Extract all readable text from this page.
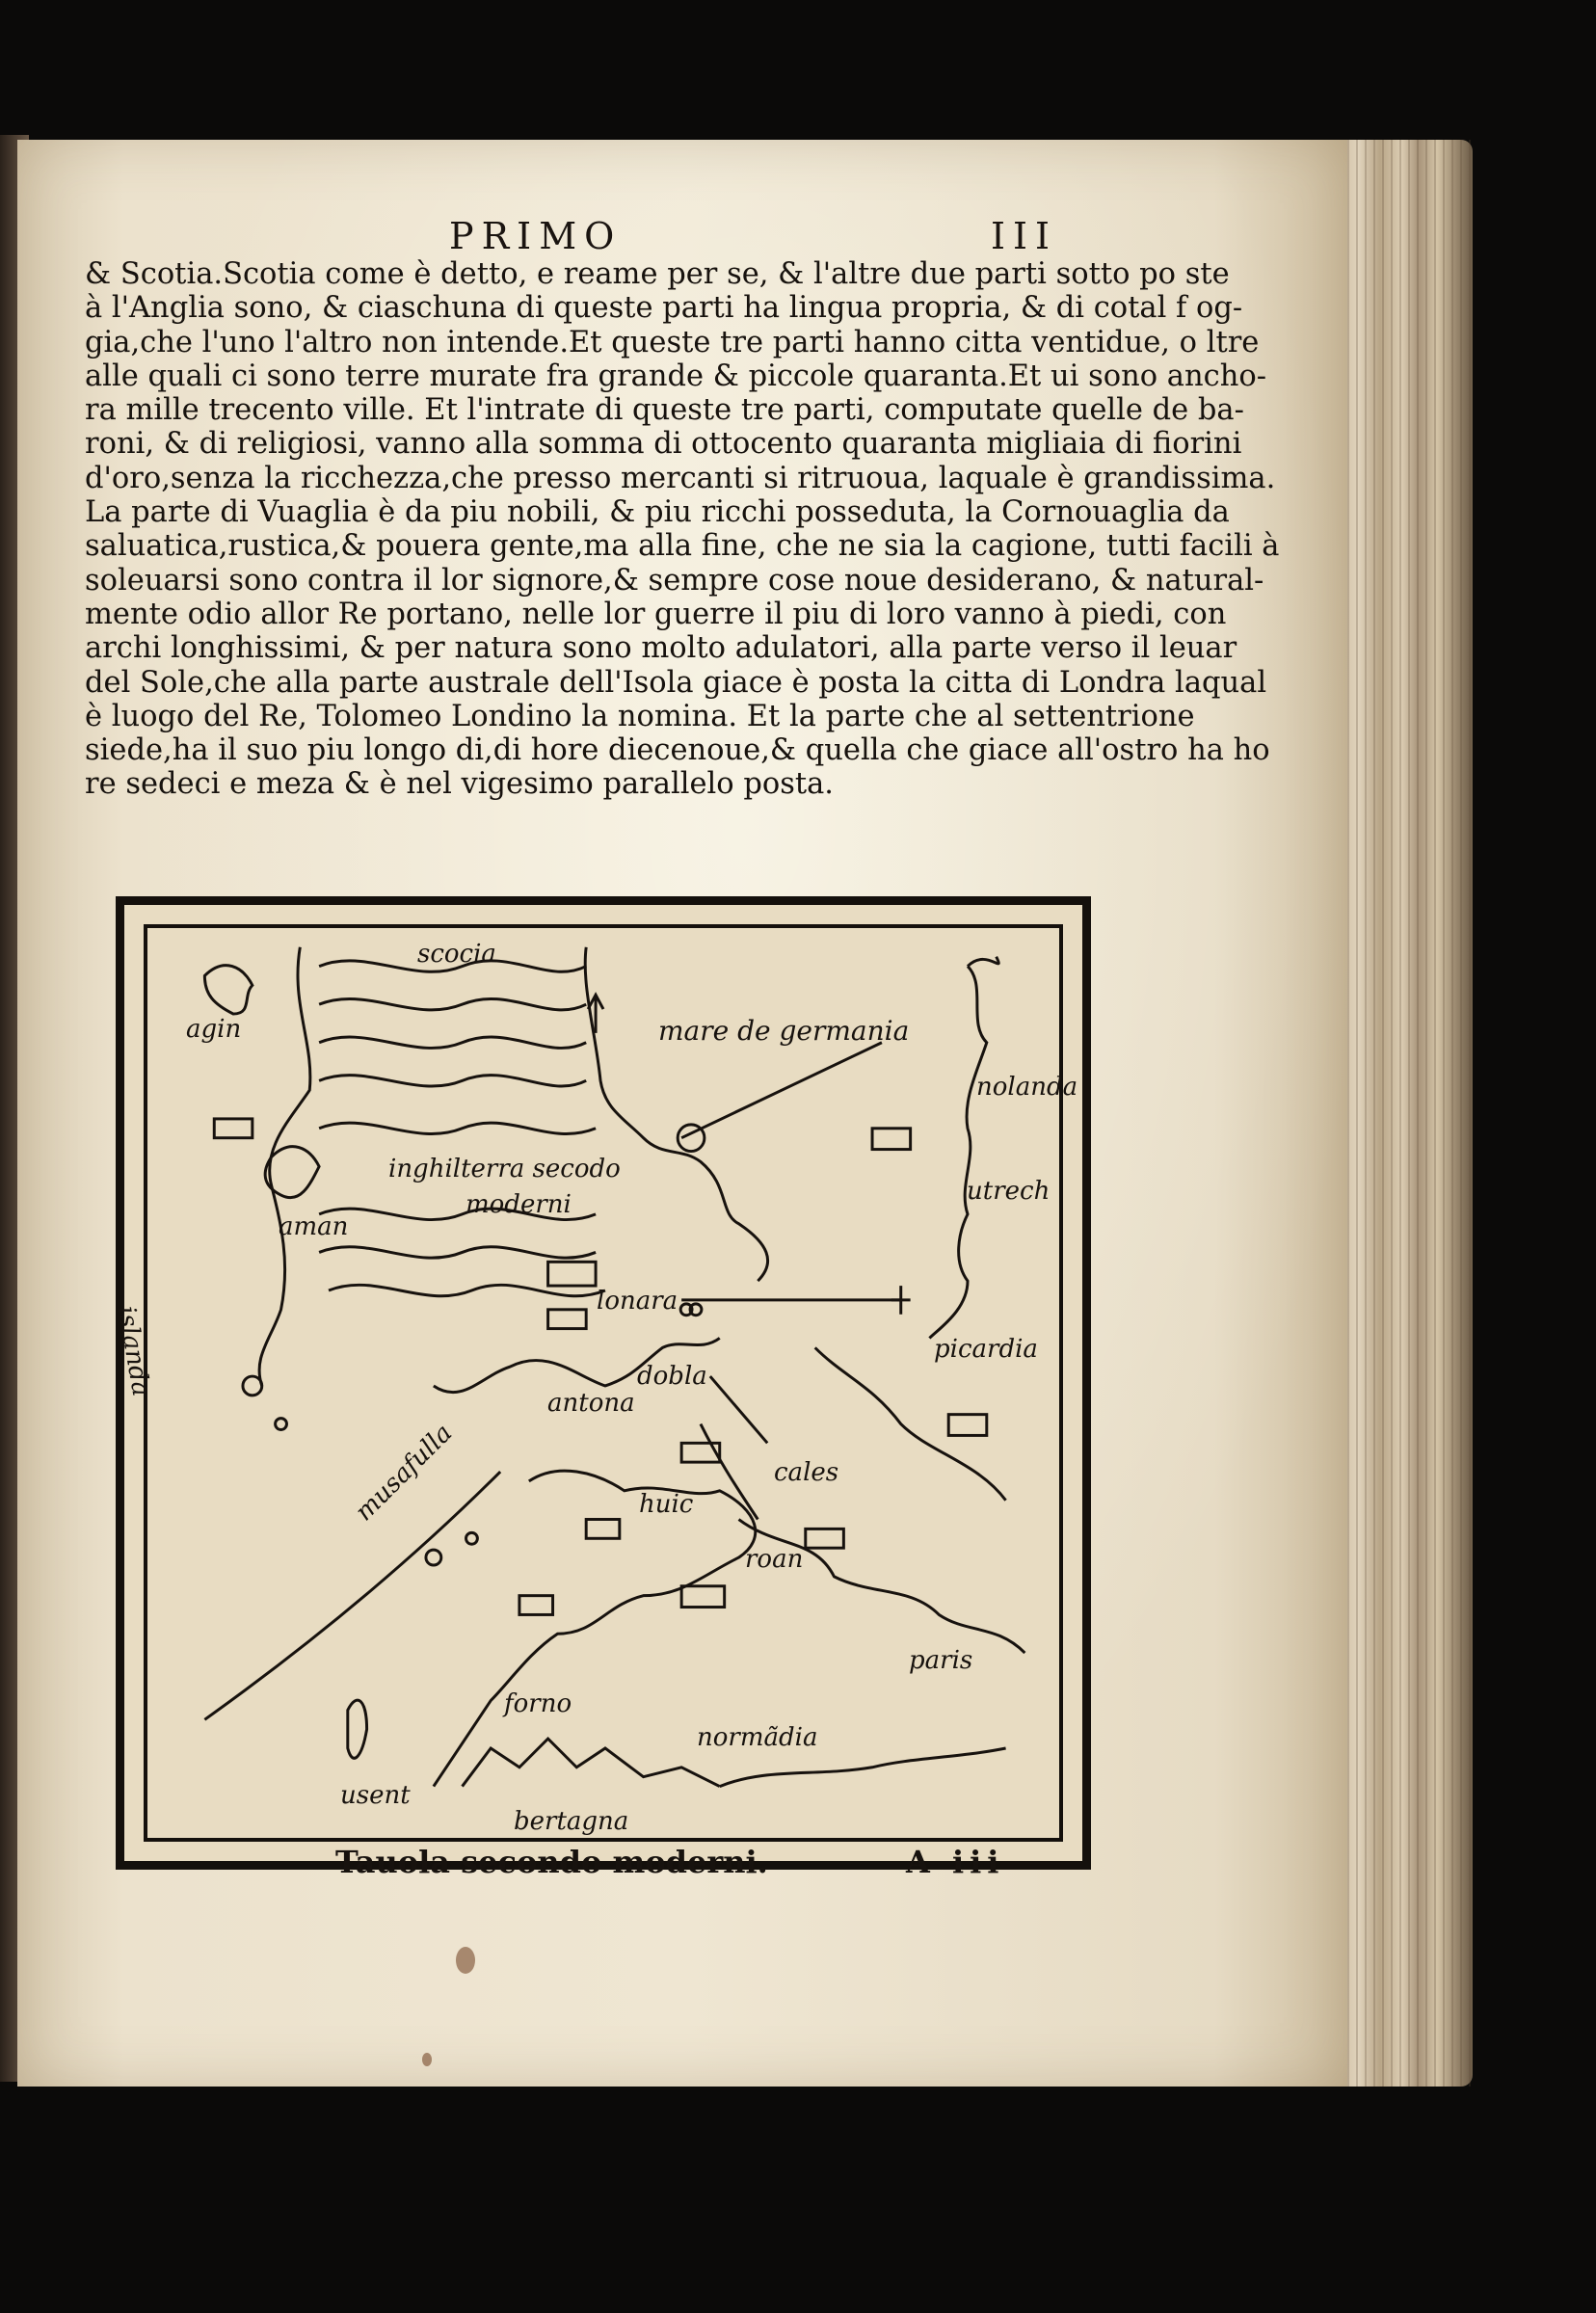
PRIMO	III
& Scotia.Scotia come è detto, e reame per se, & l'altre due parti sotto po ste
à l'Anglia sono, & ciaschuna di queste parti ha lingua propria, & di cotal f og-
gia,che l'uno l'altro non intende.Et queste tre parti hanno citta ventidue, o ltre
alle quali ci sono terre murate fra grande & piccole quaranta.Et ui sono ancho-
ra mille trecento ville. Et l'intrate di queste tre parti, computate quelle de ba-
roni, & di religiosi, vanno alla somma di ottocento quaranta migliaia di fiorini
d'oro,senza la ricchezza,che presso mercanti si ritruoua, laquale è grandissima.
La parte di Vuaglia è da piu nobili, & piu ricchi posseduta, la Cornouaglia da
saluatica,rustica,& pouera gente,ma alla fine, che ne sia la cagione, tutti facili à
soleuarsi sono contra il lor signore,& sempre cose noue desiderano, & natural-
mente odio allor Re portano, nelle lor guerre il piu di loro vanno à piedi, con
archi longhissimi, & per natura sono molto adulatori, alla parte verso il leuar
del Sole,che alla parte australe dell'Isola giace è posta la citta di Londra laqual
è luogo del Re, Tolomeo Londino la nomina. Et la parte che al settentrione
siede,ha il suo piu longo di,di hore diecenoue,& quella che giace all'ostro ha ho
re sedeci e meza & è nel vigesimo parallelo posta.
scocia
agin	mare de germania
nolanda
inghilterra secodo
moderni
aman
utrech
islanda
lonara
picardia
dobla
antona
cales
musafulla	huic
roan
paris
forno
normãdia
usent
bertagna
Tauola secondo moderni.	A iii
